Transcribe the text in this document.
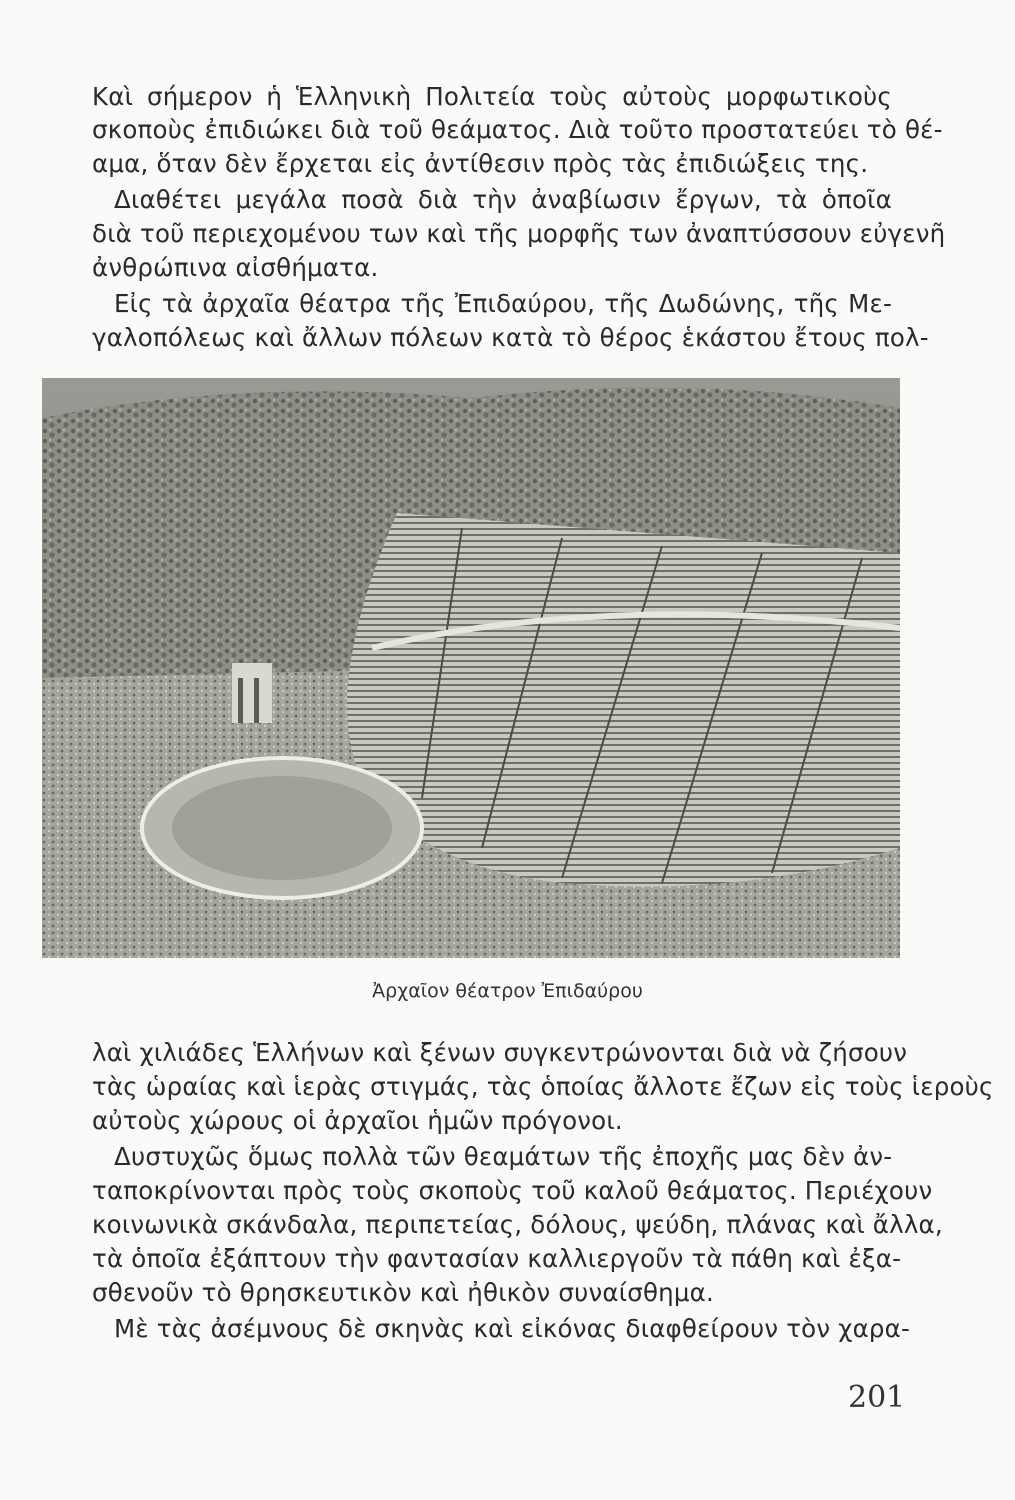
Καὶ σήμερον ἡ Ἑλληνικὴ Πολιτεία τοὺς αὐτοὺς μορφωτικοὺς
σκοποὺς ἐπιδιώκει διὰ τοῦ θεάματος. Διὰ τοῦτο προστατεύει τὸ θέ-
αμα, ὅταν δὲν ἔρχεται εἰς ἀντίθεσιν πρὸς τὰς ἐπιδιώξεις της.
Διαθέτει μεγάλα ποσὰ διὰ τὴν ἀναβίωσιν ἔργων, τὰ ὁποῖα
διὰ τοῦ περιεχομένου των καὶ τῆς μορφῆς των ἀναπτύσσουν εὐγενῆ
ἀνθρώπινα αἰσθήματα.
Εἰς τὰ ἀρχαῖα θέατρα τῆς Ἐπιδαύρου, τῆς Δωδώνης, τῆς Με-
γαλοπόλεως καὶ ἄλλων πόλεων κατὰ τὸ θέρος ἑκάστου ἔτους πολ-
Ἀρχαῖον θέατρον Ἐπιδαύρου
λαὶ χιλιάδες Ἑλλήνων καὶ ξένων συγκεντρώνονται διὰ νὰ ζήσουν
τὰς ὡραίας καὶ ἱερὰς στιγμάς, τὰς ὁποίας ἄλλοτε ἔζων εἰς τοὺς ἱεροὺς
αὐτοὺς χώρους οἱ ἀρχαῖοι ἡμῶν πρόγονοι.
Δυστυχῶς ὅμως πολλὰ τῶν θεαμάτων τῆς ἐποχῆς μας δὲν ἀν-
ταποκρίνονται πρὸς τοὺς σκοποὺς τοῦ καλοῦ θεάματος. Περιέχουν
κοινωνικὰ σκάνδαλα, περιπετείας, δόλους, ψεύδη, πλάνας καὶ ἄλλα,
τὰ ὁποῖα ἐξάπτουν τὴν φαντασίαν καλλιεργοῦν τὰ πάθη καὶ ἐξα-
σθενοῦν τὸ θρησκευτικὸν καὶ ἠθικὸν συναίσθημα.
Μὲ τὰς ἀσέμνους δὲ σκηνὰς καὶ εἰκόνας διαφθείρουν τὸν χαρα-
201
